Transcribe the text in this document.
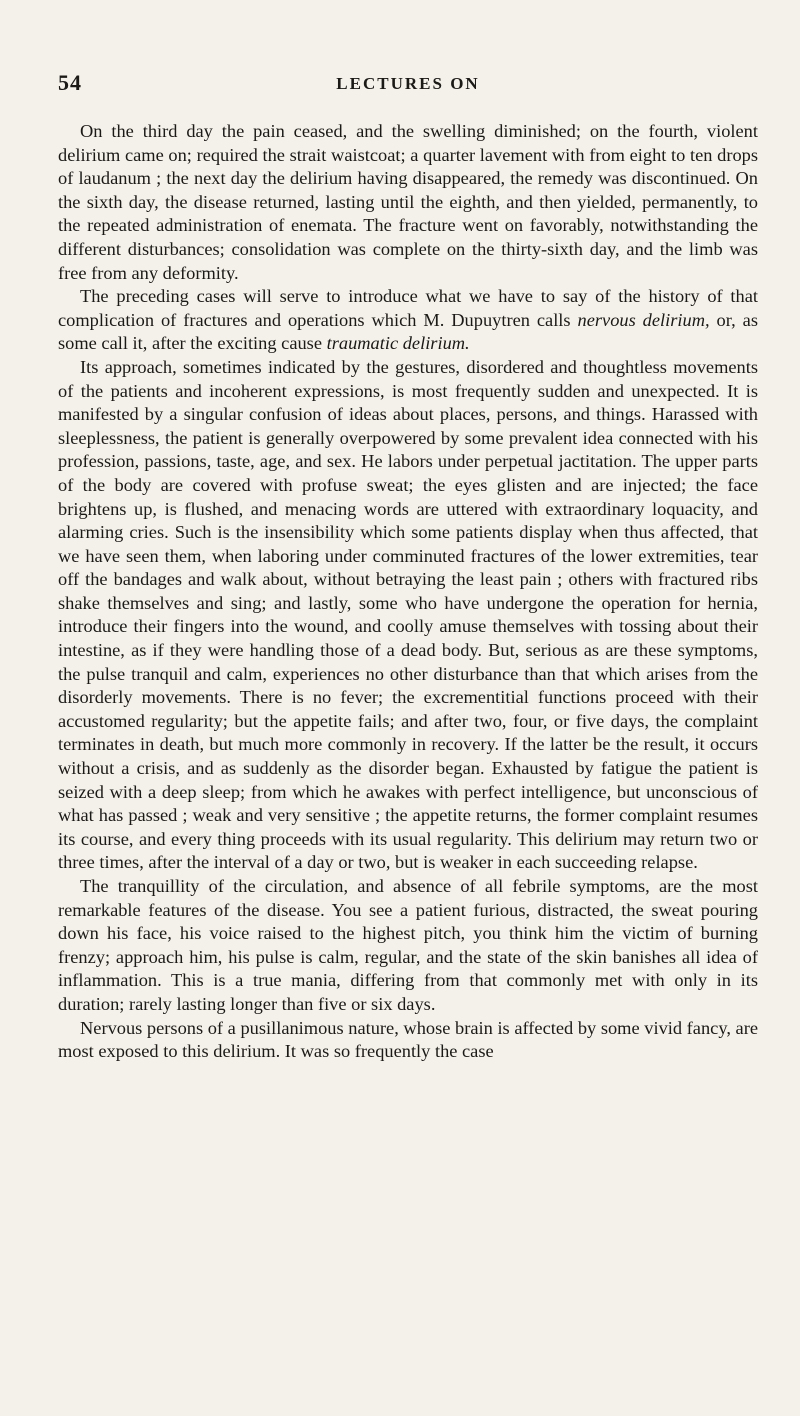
54	LECTURES ON

On the third day the pain ceased, and the swelling diminished; on the fourth, violent delirium came on; required the strait waistcoat; a quarter lavement with from eight to ten drops of laudanum ; the next day the delirium having disappeared, the remedy was discontinued. On the sixth day, the disease returned, lasting until the eighth, and then yielded, permanently, to the repeated administration of enemata. The fracture went on favorably, notwithstanding the different disturbances; consolidation was complete on the thirty-sixth day, and the limb was free from any deformity.

The preceding cases will serve to introduce what we have to say of the history of that complication of fractures and operations which M. Dupuytren calls nervous delirium, or, as some call it, after the exciting cause traumatic delirium.

Its approach, sometimes indicated by the gestures, disordered and thoughtless movements of the patients and incoherent expressions, is most frequently sudden and unexpected. It is manifested by a singular confusion of ideas about places, persons, and things. Harassed with sleeplessness, the patient is generally overpowered by some prevalent idea connected with his profession, passions, taste, age, and sex. He labors under perpetual jactitation. The upper parts of the body are covered with profuse sweat; the eyes glisten and are injected; the face brightens up, is flushed, and menacing words are uttered with extraordinary loquacity, and alarming cries. Such is the insensibility which some patients display when thus affected, that we have seen them, when laboring under comminuted fractures of the lower extremities, tear off the bandages and walk about, without betraying the least pain ; others with fractured ribs shake themselves and sing; and lastly, some who have undergone the operation for hernia, introduce their fingers into the wound, and coolly amuse themselves with tossing about their intestine, as if they were handling those of a dead body. But, serious as are these symptoms, the pulse tranquil and calm, experiences no other disturbance than that which arises from the disorderly movements. There is no fever; the excrementitial functions proceed with their accustomed regularity; but the appetite fails; and after two, four, or five days, the complaint terminates in death, but much more commonly in recovery. If the latter be the result, it occurs without a crisis, and as suddenly as the disorder began. Exhausted by fatigue the patient is seized with a deep sleep; from which he awakes with perfect intelligence, but unconscious of what has passed ; weak and very sensitive ; the appetite returns, the former complaint resumes its course, and every thing proceeds with its usual regularity. This delirium may return two or three times, after the interval of a day or two, but is weaker in each succeeding relapse.

The tranquillity of the circulation, and absence of all febrile symptoms, are the most remarkable features of the disease. You see a patient furious, distracted, the sweat pouring down his face, his voice raised to the highest pitch, you think him the victim of burning frenzy; approach him, his pulse is calm, regular, and the state of the skin banishes all idea of inflammation. This is a true mania, differing from that commonly met with only in its duration; rarely lasting longer than five or six days.

Nervous persons of a pusillanimous nature, whose brain is affected by some vivid fancy, are most exposed to this delirium. It was so frequently the case
